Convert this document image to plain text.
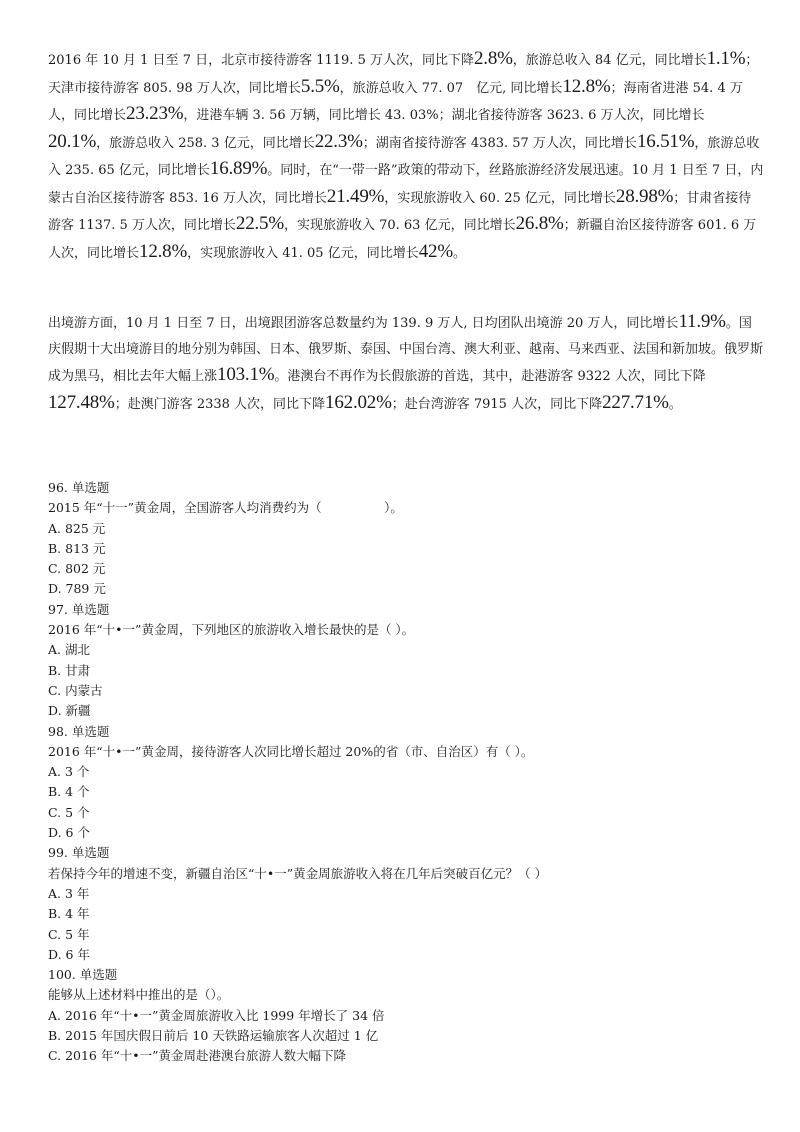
2016 年 10 月 1 日至 7 日，北京市接待游客 1119. 5 万人次，同比下降2.8%，旅游总收入 84 亿元，同比增长1.1%；天津市接待游客 805. 98 万人次，同比增长5.5%，旅游总收入 77. 07　亿元, 同比增长12.8%；海南省进港 54. 4 万人，同比增长23.23%，进港车辆 3. 56 万辆，同比增长 43. 03%；湖北省接待游客 3623. 6 万人次，同比增长20.1%，旅游总收入 258. 3 亿元，同比增长22.3%；湖南省接待游客 4383. 57 万人次，同比增长16.51%，旅游总收入 235. 65 亿元，同比增长16.89%。同时，在“一带一路”政策的带动下，丝路旅游经济发展迅速。10 月 1 日至 7 日，内蒙古自治区接待游客 853. 16 万人次，同比增长21.49%，实现旅游收入 60. 25 亿元，同比增长28.98%；甘肃省接待游客 1137. 5 万人次，同比增长22.5%，实现旅游收入 70. 63 亿元，同比增长26.8%；新疆自治区接待游客 601. 6 万人次，同比增长12.8%，实现旅游收入 41. 05 亿元，同比增长42%。
出境游方面，10 月 1 日至 7 日，出境跟团游客总数量约为 139. 9 万人, 日均团队出境游 20 万人，同比增长11.9%。国庆假期十大出境游目的地分别为韩国、日本、俄罗斯、泰国、中国台湾、澳大利亚、越南、马来西亚、法国和新加坡。俄罗斯成为黑马，相比去年大幅上涨103.1%。港澳台不再作为长假旅游的首选，其中，赴港游客 9322 人次，同比下降127.48%；赴澳门游客 2338 人次，同比下降162.02%；赴台湾游客 7915 人次，同比下降227.71%。
96. 单选题
2015 年“十一”黄金周，全国游客人均消费约为（　　　　　）。
A. 825 元
B. 813 元
C. 802 元
D. 789 元
97. 单选题
2016 年“十•一”黄金周，下列地区的旅游收入增长最快的是（ ）。
A. 湖北
B. 甘肃
C. 内蒙古
D. 新疆
98. 单选题
2016 年“十•一”黄金周，接待游客人次同比增长超过 20%的省（市、自治区）有（ ）。
A. 3 个
B. 4 个
C. 5 个
D. 6 个
99. 单选题
若保持今年的增速不变，新疆自治区“十•一”黄金周旅游收入将在几年后突破百亿元？（ ）
A. 3 年
B. 4 年
C. 5 年
D. 6 年
100. 单选题
能够从上述材料中推出的是（）。
A. 2016 年“十•一”黄金周旅游收入比 1999 年增长了 34 倍
B. 2015 年国庆假日前后 10 天铁路运输旅客人次超过 1 亿
C. 2016 年“十•一”黄金周赴港澳台旅游人数大幅下降
